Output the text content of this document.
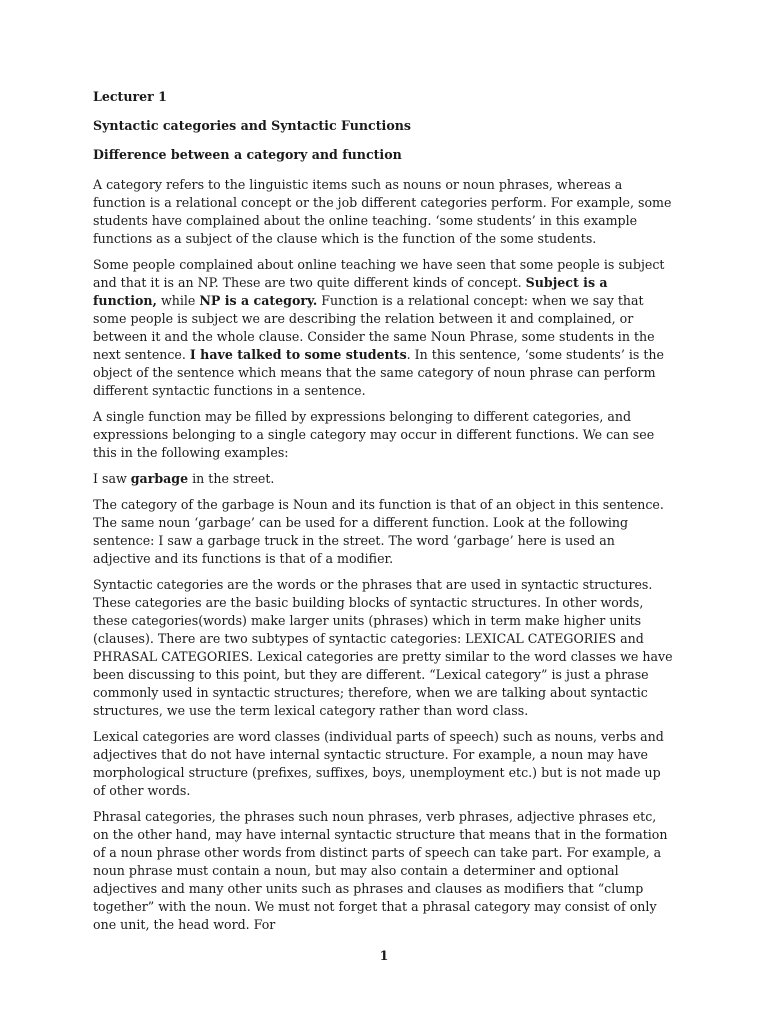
Lecturer 1
Syntactic categories and Syntactic Functions
Difference between a category and function

A category refers to the linguistic items such as nouns or noun phrases, whereas a function is a relational concept or the job different categories perform. For example, some students have complained about the online teaching. ‘some students’ in this example functions as a subject of the clause which is the function of the some students.

Some people complained about online teaching we have seen that some people is subject and that it is an NP. These are two quite different kinds of concept. Subject is a function, while NP is a category. Function is a relational concept: when we say that some people is subject we are describing the relation between it and complained, or between it and the whole clause. Consider the same Noun Phrase, some students in the next sentence. I have talked to some students. In this sentence, ‘some students’ is the object of the sentence which means that the same category of noun phrase can perform different syntactic functions in a sentence.

A single function may be filled by expressions belonging to different categories, and expressions belonging to a single category may occur in different functions. We can see this in the following examples:

I saw garbage in the street.

The category of the garbage is Noun and its function is that of an object in this sentence. The same noun ‘garbage’ can be used for a different function. Look at the following sentence: I saw a garbage truck in the street. The word ‘garbage’ here is used an adjective and its functions is that of a modifier.

Syntactic categories are the words or the phrases that are used in syntactic structures. These categories are the basic building blocks of syntactic structures. In other words, these categories(words) make larger units (phrases) which in term make higher units (clauses). There are two subtypes of syntactic categories: LEXICAL CATEGORIES and PHRASAL CATEGORIES. Lexical categories are pretty similar to the word classes we have been discussing to this point, but they are different. “Lexical category” is just a phrase commonly used in syntactic structures; therefore, when we are talking about syntactic structures, we use the term lexical category rather than word class.

Lexical categories are word classes (individual parts of speech) such as nouns, verbs and adjectives that do not have internal syntactic structure. For example, a noun may have morphological structure (prefixes, suffixes, boys, unemployment etc.) but is not made up of other words.

Phrasal categories, the phrases such noun phrases, verb phrases, adjective phrases etc, on the other hand, may have internal syntactic structure that means that in the formation of a noun phrase other words from distinct parts of speech can take part. For example, a noun phrase must contain a noun, but may also contain a determiner and optional adjectives and many other units such as phrases and clauses as modifiers that “clump together” with the noun. We must not forget that a phrasal category may consist of only one unit, the head word. For

1
